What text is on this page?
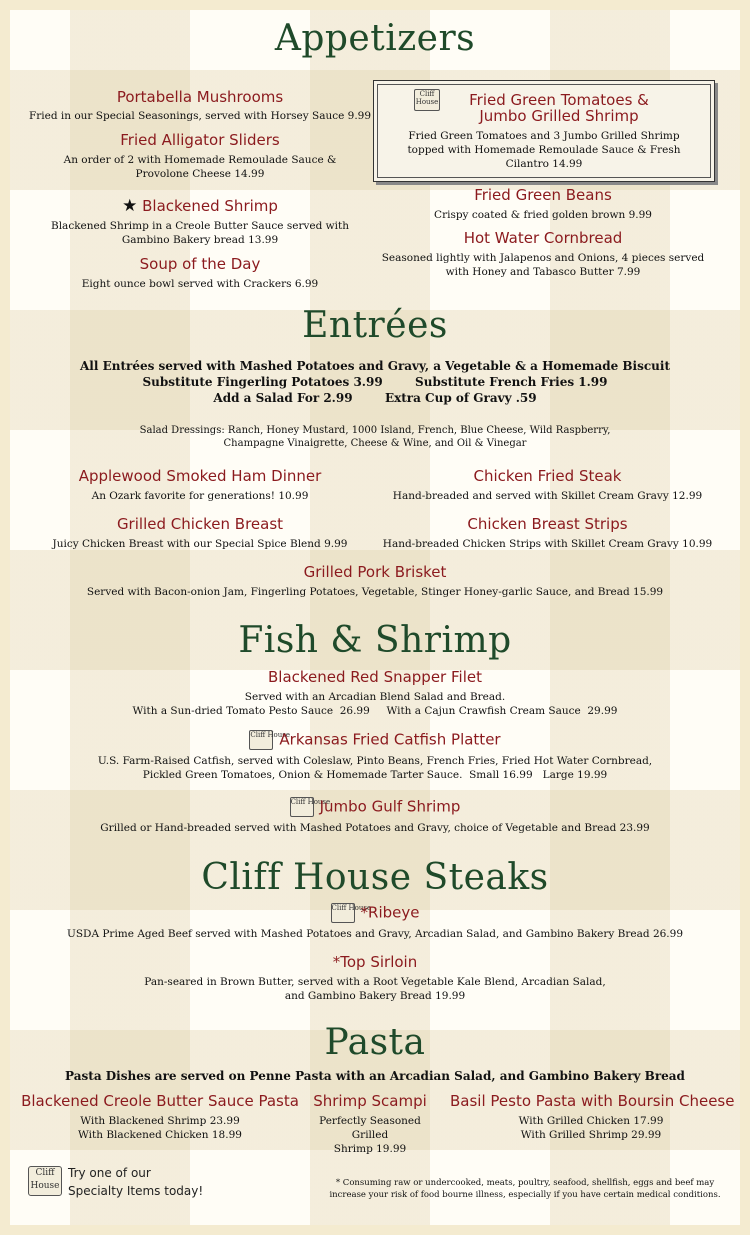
Appetizers
Portabella Mushrooms
Fried in our Special Seasonings, served with Horsey Sauce 9.99
Fried Alligator Sliders
An order of 2 with Homemade Remoulade Sauce &
Provolone Cheese 14.99
★ Blackened Shrimp
Blackened Shrimp in a Creole Butter Sauce served with
Gambino Bakery bread 13.99
Soup of the Day
Eight ounce bowl served with Crackers 6.99
Cliff House	Fried Green Tomatoes &
Jumbo Grilled Shrimp
Fried Green Tomatoes and 3 Jumbo Grilled Shrimp
topped with Homemade Remoulade Sauce & Fresh
Cilantro 14.99
Fried Green Beans
Crispy coated & fried golden brown 9.99
Hot Water Cornbread
Seasoned lightly with Jalapenos and Onions, 4 pieces served
with Honey and Tabasco Butter 7.99
Entrées
All Entrées served with Mashed Potatoes and Gravy, a Vegetable & a Homemade Biscuit
Substitute Fingerling Potatoes 3.99	Substitute French Fries 1.99
Add a Salad For 2.99	Extra Cup of Gravy .59
Salad Dressings: Ranch, Honey Mustard, 1000 Island, French, Blue Cheese, Wild Raspberry,
Champagne Vinaigrette, Cheese & Wine, and Oil & Vinegar
Applewood Smoked Ham Dinner
An Ozark favorite for generations! 10.99
Chicken Fried Steak
Hand-breaded and served with Skillet Cream Gravy 12.99
Grilled Chicken Breast
Juicy Chicken Breast with our Special Spice Blend 9.99
Chicken Breast Strips
Hand-breaded Chicken Strips with Skillet Cream Gravy 10.99
Grilled Pork Brisket
Served with Bacon-onion Jam, Fingerling Potatoes, Vegetable, Stinger Honey-garlic Sauce, and Bread 15.99
Fish & Shrimp
Blackened Red Snapper Filet
Served with an Arcadian Blend Salad and Bread.
With a Sun-dried Tomato Pesto Sauce  26.99     With a Cajun Crawfish Cream Sauce  29.99
Cliff HouseArkansas Fried Catfish Platter
U.S. Farm-Raised Catfish, served with Coleslaw, Pinto Beans, French Fries, Fried Hot Water Cornbread,
Pickled Green Tomatoes, Onion & Homemade Tarter Sauce.  Small 16.99   Large 19.99
Cliff HouseJumbo Gulf Shrimp
Grilled or Hand-breaded served with Mashed Potatoes and Gravy, choice of Vegetable and Bread 23.99
Cliff House Steaks
Cliff House*Ribeye
USDA Prime Aged Beef served with Mashed Potatoes and Gravy, Arcadian Salad, and Gambino Bakery Bread 26.99
*Top Sirloin
Pan-seared in Brown Butter, served with a Root Vegetable Kale Blend, Arcadian Salad,
and Gambino Bakery Bread 19.99
Pasta
Pasta Dishes are served on Penne Pasta with an Arcadian Salad, and Gambino Bakery Bread
Blackened Creole Butter Sauce Pasta
With Blackened Shrimp 23.99
With Blackened Chicken 18.99
Shrimp Scampi
Perfectly Seasoned Grilled
Shrimp 19.99
Basil Pesto Pasta with Boursin Cheese
With Grilled Chicken 17.99
With Grilled Shrimp 29.99
Cliff House
Try one of our
Specialty Items today!
* Consuming raw or undercooked, meats, poultry, seafood, shellfish, eggs and beef may
increase your risk of food bourne illness, especially if you have certain medical conditions.
